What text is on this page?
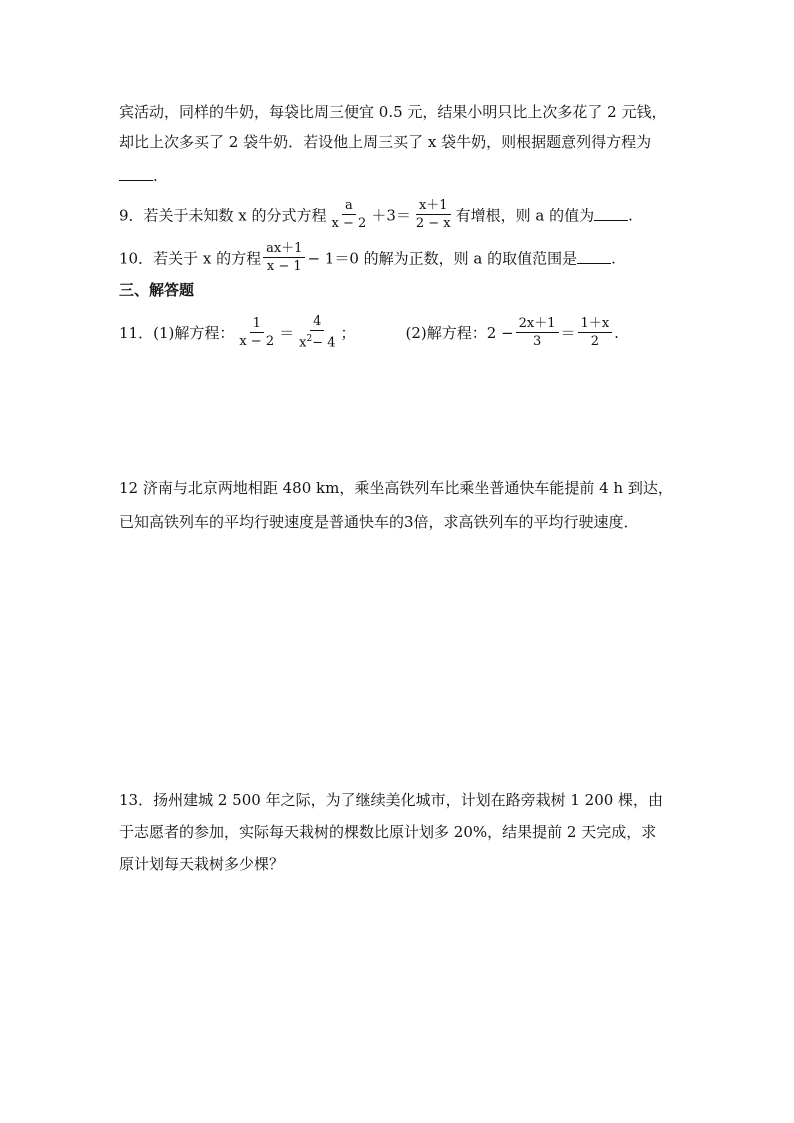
宾活动，同样的牛奶，每袋比周三便宜 0.5 元，结果小明只比上次多花了 2 元钱，
却比上次多买了 2 袋牛奶．若设他上周三买了 x 袋牛奶，则根据题意列得方程为
.
9．若关于未知数 x 的分式方程 $\frac{a}{x - 2} +3= \frac{x+1}{2 - x}$ 有增根，则 a 的值为 .
10．若关于 x 的方程 $\frac{ax+1}{x - 1} - 1=0$ 的解为正数，则 a 的取值范围是 .
三、解答题
11．(1)解方程： $\frac{1}{x - 2} = \frac{4}{x^2- 4}$ ；	(2)解方程：$2 - \frac{2x+1}{3} = \frac{1+x}{2}$ .
12 济南与北京两地相距 480 km，乘坐高铁列车比乘坐普通快车能提前 4 h 到达，
已知高铁列车的平均行驶速度是普通快车的3倍，求高铁列车的平均行驶速度．
13．扬州建城 2 500 年之际，为了继续美化城市，计划在路旁栽树 1 200 棵，由
于志愿者的参加，实际每天栽树的棵数比原计划多 20%，结果提前 2 天完成，求
原计划每天栽树多少棵？
